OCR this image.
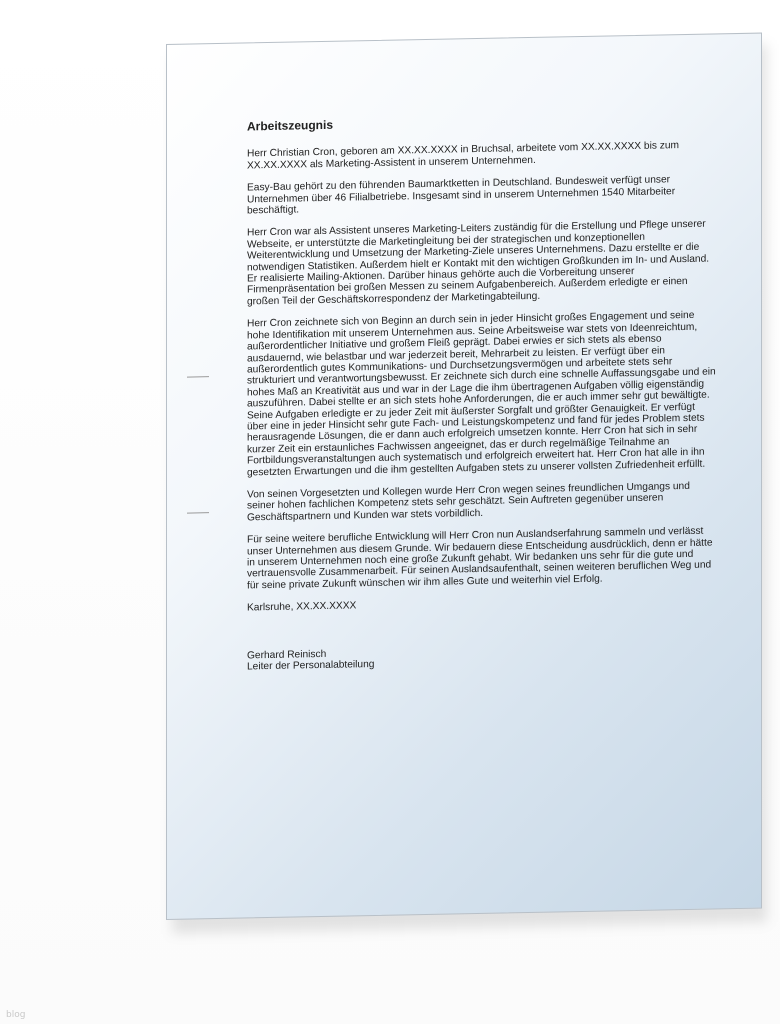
Arbeitszeugnis

Herr Christian Cron, geboren am XX.XX.XXXX in Bruchsal, arbeitete vom XX.XX.XXXX bis zum XX.XX.XXXX als Marketing-Assistent in unserem Unternehmen.

Easy-Bau gehört zu den führenden Baumarktketten in Deutschland. Bundesweit verfügt unser Unternehmen über 46 Filialbetriebe. Insgesamt sind in unserem Unternehmen 1540 Mitarbeiter beschäftigt.

Herr Cron war als Assistent unseres Marketing-Leiters zuständig für die Erstellung und Pflege unserer Webseite, er unterstützte die Marketingleitung bei der strategischen und konzeptionellen Weiterentwicklung und Umsetzung der Marketing-Ziele unseres Unternehmens. Dazu erstellte er die notwendigen Statistiken. Außerdem hielt er Kontakt mit den wichtigen Großkunden im In- und Ausland. Er realisierte Mailing-Aktionen. Darüber hinaus gehörte auch die Vorbereitung unserer Firmenpräsentation bei großen Messen zu seinem Aufgabenbereich. Außerdem erledigte er einen großen Teil der Geschäftskorrespondenz der Marketingabteilung.

Herr Cron zeichnete sich von Beginn an durch sein in jeder Hinsicht großes Engagement und seine hohe Identifikation mit unserem Unternehmen aus. Seine Arbeitsweise war stets von Ideenreichtum, außerordentlicher Initiative und großem Fleiß geprägt. Dabei erwies er sich stets als ebenso ausdauernd, wie belastbar und war jederzeit bereit, Mehrarbeit zu leisten. Er verfügt über ein außerordentlich gutes Kommunikations- und Durchsetzungsvermögen und arbeitete stets sehr strukturiert und verantwortungsbewusst. Er zeichnete sich durch eine schnelle Auffassungsgabe und ein hohes Maß an Kreativität aus und war in der Lage die ihm übertragenen Aufgaben völlig eigenständig auszuführen. Dabei stellte er an sich stets hohe Anforderungen, die er auch immer sehr gut bewältigte. Seine Aufgaben erledigte er zu jeder Zeit mit äußerster Sorgfalt und größter Genauigkeit. Er verfügt über eine in jeder Hinsicht sehr gute Fach- und Leistungskompetenz und fand für jedes Problem stets herausragende Lösungen, die er dann auch erfolgreich umsetzen konnte. Herr Cron hat sich in sehr kurzer Zeit ein erstaunliches Fachwissen angeeignet, das er durch regelmäßige Teilnahme an Fortbildungsveranstaltungen auch systematisch und erfolgreich erweitert hat. Herr Cron hat alle in ihn gesetzten Erwartungen und die ihm gestellten Aufgaben stets zu unserer vollsten Zufriedenheit erfüllt.

Von seinen Vorgesetzten und Kollegen wurde Herr Cron wegen seines freundlichen Umgangs und seiner hohen fachlichen Kompetenz stets sehr geschätzt. Sein Auftreten gegenüber unseren Geschäftspartnern und Kunden war stets vorbildlich.

Für seine weitere berufliche Entwicklung will Herr Cron nun Auslandserfahrung sammeln und verlässt unser Unternehmen aus diesem Grunde. Wir bedauern diese Entscheidung ausdrücklich, denn er hätte in unserem Unternehmen noch eine große Zukunft gehabt. Wir bedanken uns sehr für die gute und vertrauensvolle Zusammenarbeit. Für seinen Auslandsaufenthalt, seinen weiteren beruflichen Weg und für seine private Zukunft wünschen wir ihm alles Gute und weiterhin viel Erfolg.

Karlsruhe, XX.XX.XXXX

Gerhard Reinisch
Leiter der Personalabteilung
blog
